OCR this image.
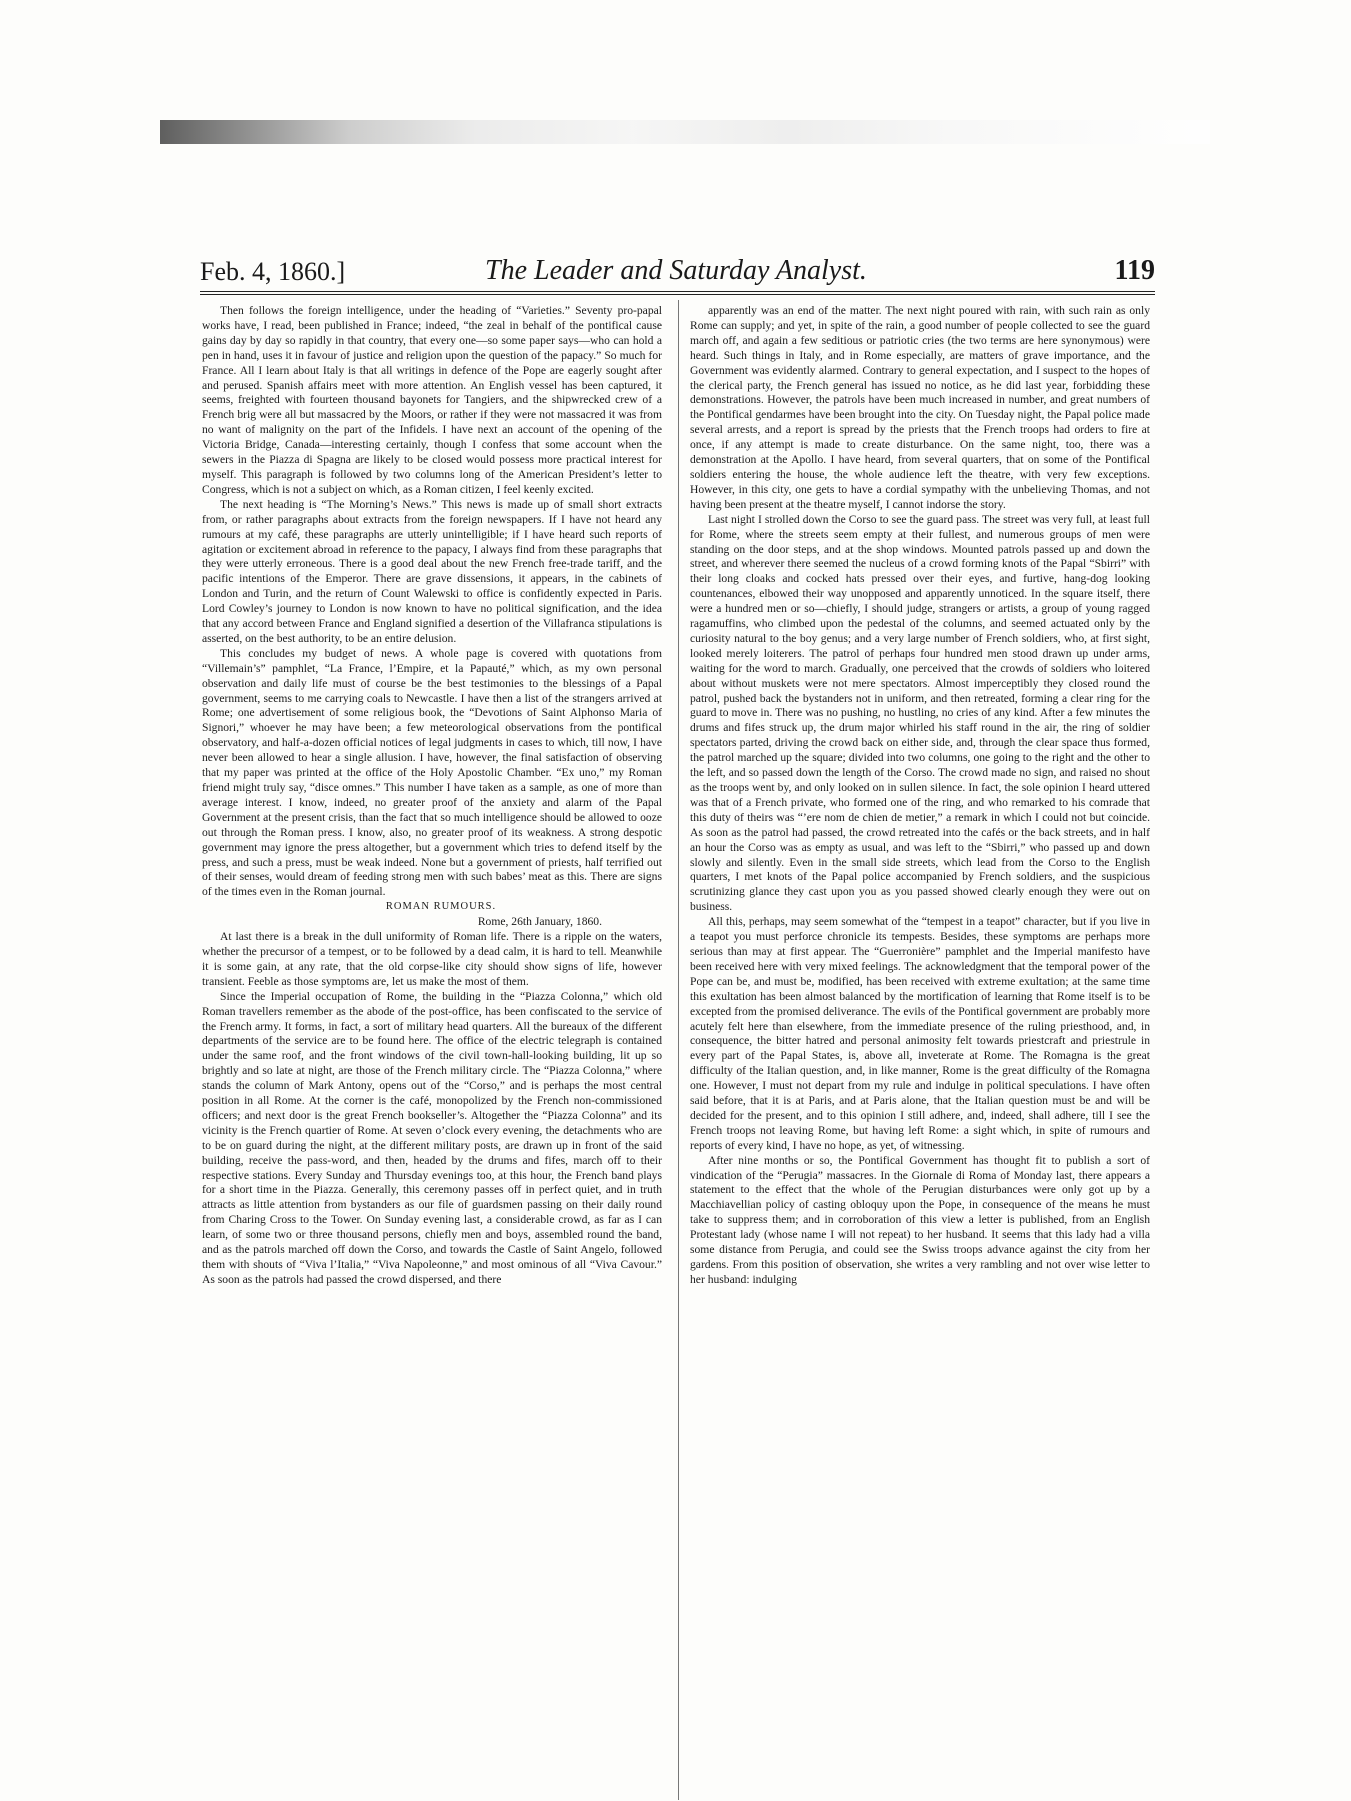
Feb. 4, 1860.]	The Leader and Saturday Analyst.	119

Then follows the foreign intelligence, under the heading of “Varieties.” Seventy pro-papal works have, I read, been published in France; indeed, “the zeal in behalf of the pontifical cause gains day by day so rapidly in that country, that every one—so some paper says—who can hold a pen in hand, uses it in favour of justice and religion upon the question of the papacy.” So much for France. All I learn about Italy is that all writings in defence of the Pope are eagerly sought after and perused. Spanish affairs meet with more attention. An English vessel has been captured, it seems, freighted with fourteen thousand bayonets for Tangiers, and the shipwrecked crew of a French brig were all but massacred by the Moors, or rather if they were not massacred it was from no want of malignity on the part of the Infidels. I have next an account of the opening of the Victoria Bridge, Canada—interesting certainly, though I confess that some account when the sewers in the Piazza di Spagna are likely to be closed would possess more practical interest for myself. This paragraph is followed by two columns long of the American President’s letter to Congress, which is not a subject on which, as a Roman citizen, I feel keenly excited.

The next heading is “The Morning’s News.” This news is made up of small short extracts from, or rather paragraphs about extracts from the foreign newspapers. If I have not heard any rumours at my café, these paragraphs are utterly unintelligible; if I have heard such reports of agitation or excitement abroad in reference to the papacy, I always find from these paragraphs that they were utterly erroneous. There is a good deal about the new French free-trade tariff, and the pacific intentions of the Emperor. There are grave dissensions, it appears, in the cabinets of London and Turin, and the return of Count Walewski to office is confidently expected in Paris. Lord Cowley’s journey to London is now known to have no political signification, and the idea that any accord between France and England signified a desertion of the Villafranca stipulations is asserted, on the best authority, to be an entire delusion.

This concludes my budget of news. A whole page is covered with quotations from “Villemain’s” pamphlet, “La France, l’Empire, et la Papauté,” which, as my own personal observation and daily life must of course be the best testimonies to the blessings of a Papal government, seems to me carrying coals to Newcastle. I have then a list of the strangers arrived at Rome; one advertisement of some religious book, the “Devotions of Saint Alphonso Maria of Signori,” whoever he may have been; a few meteorological observations from the pontifical observatory, and half-a-dozen official notices of legal judgments in cases to which, till now, I have never been allowed to hear a single allusion. I have, however, the final satisfaction of observing that my paper was printed at the office of the Holy Apostolic Chamber. “Ex uno,” my Roman friend might truly say, “disce omnes.” This number I have taken as a sample, as one of more than average interest. I know, indeed, no greater proof of the anxiety and alarm of the Papal Government at the present crisis, than the fact that so much intelligence should be allowed to ooze out through the Roman press. I know, also, no greater proof of its weakness. A strong despotic government may ignore the press altogether, but a government which tries to defend itself by the press, and such a press, must be weak indeed. None but a government of priests, half terrified out of their senses, would dream of feeding strong men with such babes’ meat as this. There are signs of the times even in the Roman journal.

ROMAN RUMOURS.

Rome, 26th January, 1860.

At last there is a break in the dull uniformity of Roman life. There is a ripple on the waters, whether the precursor of a tempest, or to be followed by a dead calm, it is hard to tell. Meanwhile it is some gain, at any rate, that the old corpse-like city should show signs of life, however transient. Feeble as those symptoms are, let us make the most of them.

Since the Imperial occupation of Rome, the building in the “Piazza Colonna,” which old Roman travellers remember as the abode of the post-office, has been confiscated to the service of the French army. It forms, in fact, a sort of military head quarters. All the bureaux of the different departments of the service are to be found here. The office of the electric telegraph is contained under the same roof, and the front windows of the civil town-hall-looking building, lit up so brightly and so late at night, are those of the French military circle. The “Piazza Colonna,” where stands the column of Mark Antony, opens out of the “Corso,” and is perhaps the most central position in all Rome. At the corner is the café, monopolized by the French non-commissioned officers; and next door is the great French bookseller’s. Altogether the “Piazza Colonna” and its vicinity is the French quartier of Rome. At seven o’clock every evening, the detachments who are to be on guard during the night, at the different military posts, are drawn up in front of the said building, receive the pass-word, and then, headed by the drums and fifes, march off to their respective stations. Every Sunday and Thursday evenings too, at this hour, the French band plays for a short time in the Piazza. Generally, this ceremony passes off in perfect quiet, and in truth attracts as little attention from bystanders as our file of guardsmen passing on their daily round from Charing Cross to the Tower. On Sunday evening last, a considerable crowd, as far as I can learn, of some two or three thousand persons, chiefly men and boys, assembled round the band, and as the patrols marched off down the Corso, and towards the Castle of Saint Angelo, followed them with shouts of “Viva l’Italia,” “Viva Napoleonne,” and most ominous of all “Viva Cavour.” As soon as the patrols had passed the crowd dispersed, and there

apparently was an end of the matter. The next night poured with rain, with such rain as only Rome can supply; and yet, in spite of the rain, a good number of people collected to see the guard march off, and again a few seditious or patriotic cries (the two terms are here synonymous) were heard. Such things in Italy, and in Rome especially, are matters of grave importance, and the Government was evidently alarmed. Contrary to general expectation, and I suspect to the hopes of the clerical party, the French general has issued no notice, as he did last year, forbidding these demonstrations. However, the patrols have been much increased in number, and great numbers of the Pontifical gendarmes have been brought into the city. On Tuesday night, the Papal police made several arrests, and a report is spread by the priests that the French troops had orders to fire at once, if any attempt is made to create disturbance. On the same night, too, there was a demonstration at the Apollo. I have heard, from several quarters, that on some of the Pontifical soldiers entering the house, the whole audience left the theatre, with very few exceptions. However, in this city, one gets to have a cordial sympathy with the unbelieving Thomas, and not having been present at the theatre myself, I cannot indorse the story.

Last night I strolled down the Corso to see the guard pass. The street was very full, at least full for Rome, where the streets seem empty at their fullest, and numerous groups of men were standing on the door steps, and at the shop windows. Mounted patrols passed up and down the street, and wherever there seemed the nucleus of a crowd forming knots of the Papal “Sbirri” with their long cloaks and cocked hats pressed over their eyes, and furtive, hang-dog looking countenances, elbowed their way unopposed and apparently unnoticed. In the square itself, there were a hundred men or so—chiefly, I should judge, strangers or artists, a group of young ragged ragamuffins, who climbed upon the pedestal of the columns, and seemed actuated only by the curiosity natural to the boy genus; and a very large number of French soldiers, who, at first sight, looked merely loiterers. The patrol of perhaps four hundred men stood drawn up under arms, waiting for the word to march. Gradually, one perceived that the crowds of soldiers who loitered about without muskets were not mere spectators. Almost imperceptibly they closed round the patrol, pushed back the bystanders not in uniform, and then retreated, forming a clear ring for the guard to move in. There was no pushing, no hustling, no cries of any kind. After a few minutes the drums and fifes struck up, the drum major whirled his staff round in the air, the ring of soldier spectators parted, driving the crowd back on either side, and, through the clear space thus formed, the patrol marched up the square; divided into two columns, one going to the right and the other to the left, and so passed down the length of the Corso. The crowd made no sign, and raised no shout as the troops went by, and only looked on in sullen silence. In fact, the sole opinion I heard uttered was that of a French private, who formed one of the ring, and who remarked to his comrade that this duty of theirs was “’ere nom de chien de metier,” a remark in which I could not but coincide. As soon as the patrol had passed, the crowd retreated into the cafés or the back streets, and in half an hour the Corso was as empty as usual, and was left to the “Sbirri,” who passed up and down slowly and silently. Even in the small side streets, which lead from the Corso to the English quarters, I met knots of the Papal police accompanied by French soldiers, and the suspicious scrutinizing glance they cast upon you as you passed showed clearly enough they were out on business.

All this, perhaps, may seem somewhat of the “tempest in a teapot” character, but if you live in a teapot you must perforce chronicle its tempests. Besides, these symptoms are perhaps more serious than may at first appear. The “Guerronière” pamphlet and the Imperial manifesto have been received here with very mixed feelings. The acknowledgment that the temporal power of the Pope can be, and must be, modified, has been received with extreme exultation; at the same time this exultation has been almost balanced by the mortification of learning that Rome itself is to be excepted from the promised deliverance. The evils of the Pontifical government are probably more acutely felt here than elsewhere, from the immediate presence of the ruling priesthood, and, in consequence, the bitter hatred and personal animosity felt towards priestcraft and priestrule in every part of the Papal States, is, above all, inveterate at Rome. The Romagna is the great difficulty of the Italian question, and, in like manner, Rome is the great difficulty of the Romagna one. However, I must not depart from my rule and indulge in political speculations. I have often said before, that it is at Paris, and at Paris alone, that the Italian question must be and will be decided for the present, and to this opinion I still adhere, and, indeed, shall adhere, till I see the French troops not leaving Rome, but having left Rome: a sight which, in spite of rumours and reports of every kind, I have no hope, as yet, of witnessing.

After nine months or so, the Pontifical Government has thought fit to publish a sort of vindication of the “Perugia” massacres. In the Giornale di Roma of Monday last, there appears a statement to the effect that the whole of the Perugian disturbances were only got up by a Macchiavellian policy of casting obloquy upon the Pope, in consequence of the means he must take to suppress them; and in corroboration of this view a letter is published, from an English Protestant lady (whose name I will not repeat) to her husband. It seems that this lady had a villa some distance from Perugia, and could see the Swiss troops advance against the city from her gardens. From this position of observation, she writes a very rambling and not over wise letter to her husband: indulging
